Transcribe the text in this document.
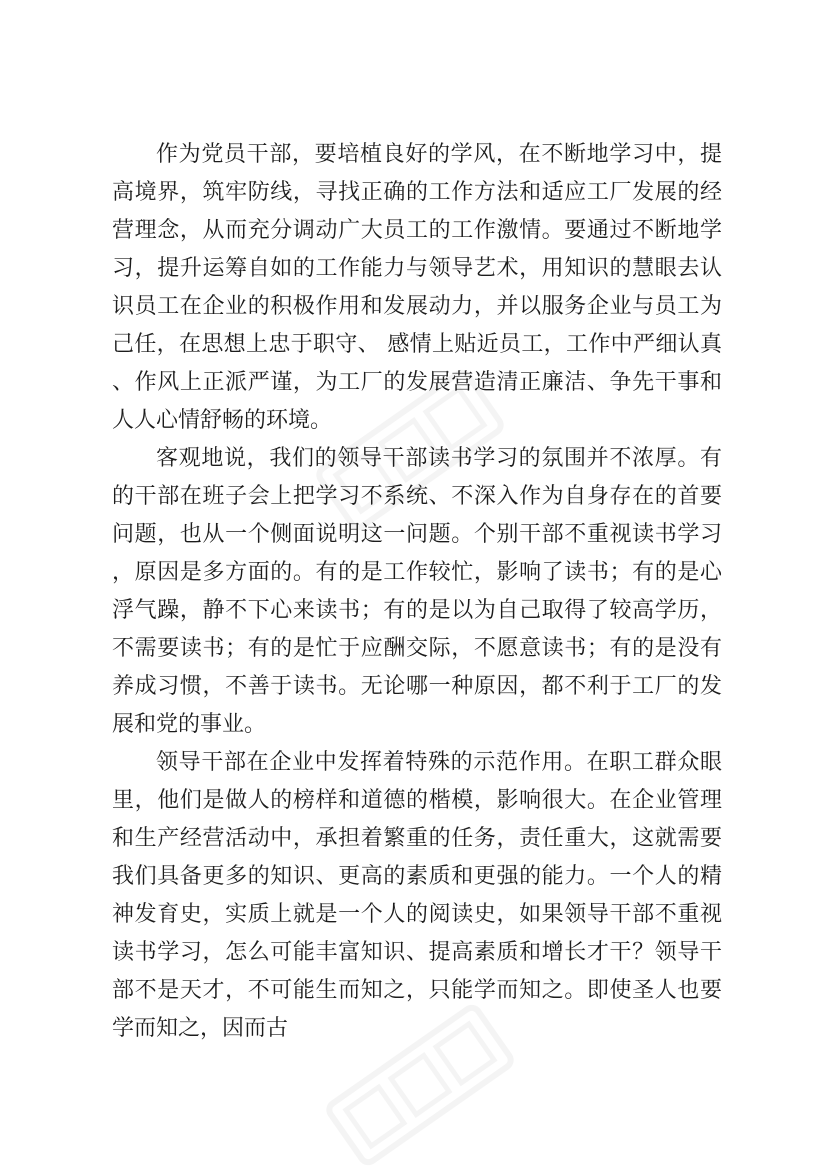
作为党员干部，要培植良好的学风，在不断地学习中，提高境界，筑牢防线，寻找正确的工作方法和适应工厂发展的经营理念，从而充分调动广大员工的工作激情。要通过不断地学习，提升运筹自如的工作能力与领导艺术，用知识的慧眼去认识员工在企业的积极作用和发展动力，并以服务企业与员工为己任，在思想上忠于职守、 感情上贴近员工，工作中严细认真、作风上正派严谨，为工厂的发展营造清正廉洁、争先干事和人人心情舒畅的环境。

客观地说，我们的领导干部读书学习的氛围并不浓厚。有的干部在班子会上把学习不系统、不深入作为自身存在的首要问题，也从一个侧面说明这一问题。个别干部不重视读书学习，原因是多方面的。有的是工作较忙，影响了读书；有的是心浮气躁，静不下心来读书；有的是以为自己取得了较高学历，不需要读书；有的是忙于应酬交际，不愿意读书；有的是没有养成习惯，不善于读书。无论哪一种原因，都不利于工厂的发展和党的事业。

领导干部在企业中发挥着特殊的示范作用。在职工群众眼里，他们是做人的榜样和道德的楷模，影响很大。在企业管理和生产经营活动中，承担着繁重的任务，责任重大，这就需要我们具备更多的知识、更高的素质和更强的能力。一个人的精神发育史，实质上就是一个人的阅读史，如果领导干部不重视读书学习，怎么可能丰富知识、提高素质和增长才干？领导干部不是天才，不可能生而知之，只能学而知之。即使圣人也要学而知之，因而古
